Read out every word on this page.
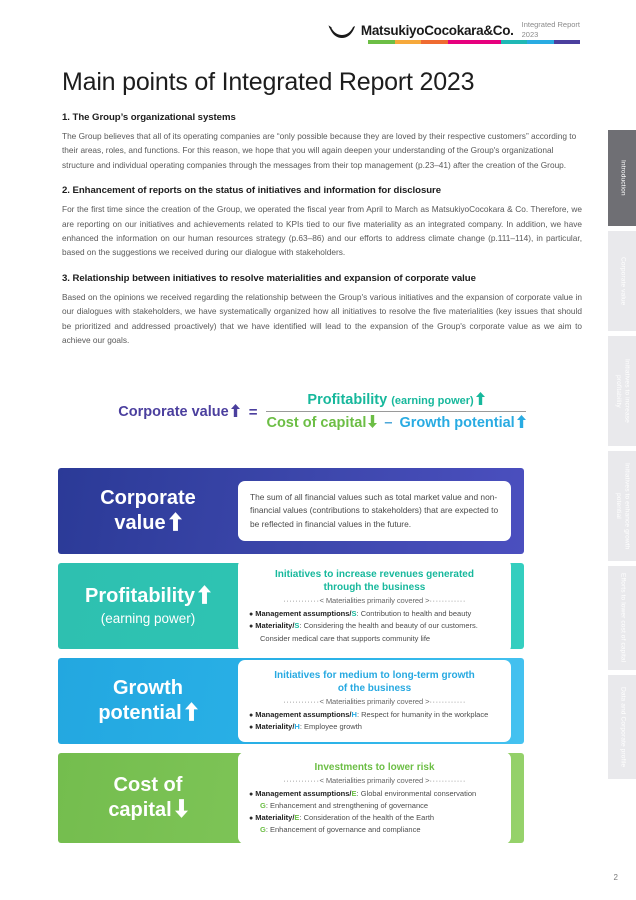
MatsukiyoCocokara&Co. Integrated Report
2023
Main points of Integrated Report 2023
1. The Group’s organizational systems

The Group believes that all of its operating companies are “only possible because they are loved by their respective customers” according to their areas, roles, and functions. For this reason, we hope that you will again deepen your understanding of the Group's organizational structure and individual operating companies through the messages from their top management (p.23–41) after the creation of the Group.

2. Enhancement of reports on the status of initiatives and information for disclosure

For the first time since the creation of the Group, we operated the fiscal year from April to March as MatsukiyoCocokara & Co. Therefore, we are reporting on our initiatives and achievements related to KPIs tied to our five materiality as an integrated company. In addition, we have enhanced the information on our human resources strategy (p.63–86) and our efforts to address climate change (p.111–114), in particular, based on the suggestions we received during our dialogue with stakeholders.

3. Relationship between initiatives to resolve materialities and expansion of corporate value

Based on the opinions we received regarding the relationship between the Group's various initiatives and the expansion of corporate value in our dialogues with stakeholders, we have systematically organized how all initiatives to resolve the five materialities (key issues that should be prioritized and addressed proactively) that we have identified will lead to the expansion of the Group's corporate value as we aim to achieve our goals.

Corporate value	= $\frac{\text{Profitability (earning power)}}{\text{Cost of capital – Growth potential}}$
Corporate
value
The sum of all financial values such as total market value and non-financial values (contributions to stakeholders) that are expected to be reflected in financial values in the future.
Profitability
(earning power)
Initiatives to increase revenues generated
through the business
············< Materialities primarily covered >············
● Management assumptions/S: Contribution to health and beauty
● Materiality/S: Considering the health and beauty of our customers.
Consider medical care that supports community life
Growth
potential
Initiatives for medium to long-term growth
of the business
············< Materialities primarily covered >············
● Management assumptions/H: Respect for humanity in the workplace
● Materiality/H: Employee growth
Cost of
capital
Investments to lower risk
············< Materialities primarily covered >············
● Management assumptions/E: Global environmental conservation
G: Enhancement and strengthening of governance
● Materiality/E: Consideration of the health of the Earth
G: Enhancement of governance and compliance
Introduction
Corporate value
Initiatives to increase profitability
Initiatives to enhance growth potential
Efforts to lower cost of capital
Data and Corporate profile
2
